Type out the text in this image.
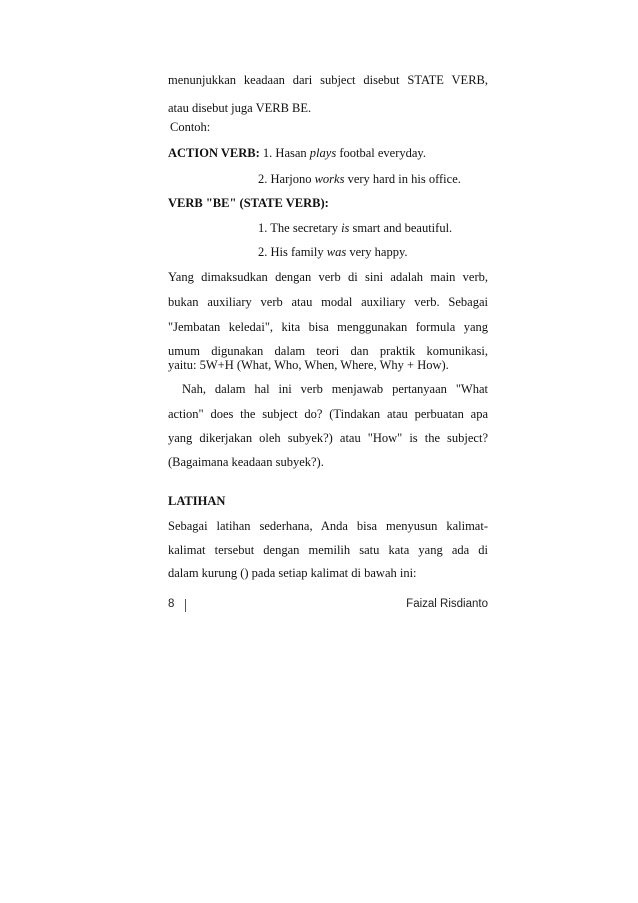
menunjukkan keadaan dari subject disebut STATE VERB,
atau disebut juga VERB BE.
Contoh:
ACTION VERB: 1. Hasan plays footbal everyday.
2. Harjono works very hard in his office.
VERB "BE" (STATE VERB):
1. The secretary is smart and beautiful.
2. His family was very happy.
Yang dimaksudkan dengan verb di sini adalah main verb,
bukan auxiliary verb atau modal auxiliary verb. Sebagai
"Jembatan keledai", kita bisa menggunakan formula yang
umum digunakan dalam teori dan praktik komunikasi,
yaitu: 5W+H (What, Who, When, Where, Why + How).
Nah, dalam hal ini verb menjawab pertanyaan "What
action" does the subject do? (Tindakan atau perbuatan apa
yang dikerjakan oleh subyek?) atau "How" is the subject?
(Bagaimana keadaan subyek?).
LATIHAN
Sebagai latihan sederhana, Anda bisa menyusun kalimat-
kalimat tersebut dengan memilih satu kata yang ada di
dalam kurung () pada setiap kalimat di bawah ini:
8	Faizal Risdianto
